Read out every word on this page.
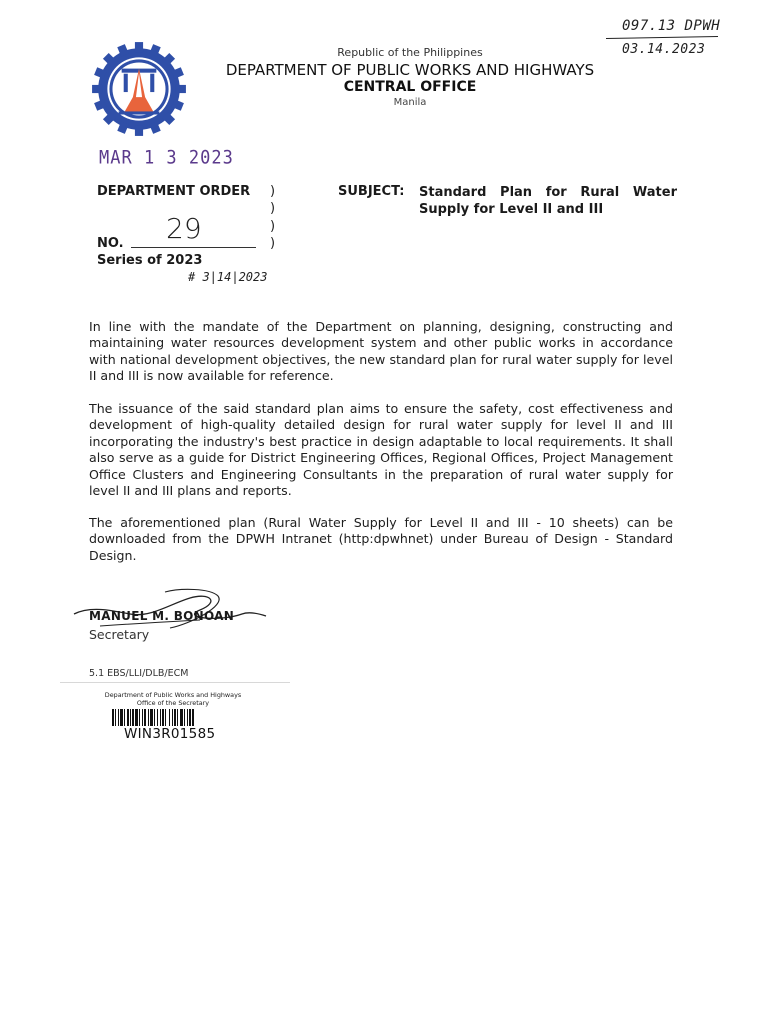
097.13 DPWH
03.14.2023
Republic of the Philippines
DEPARTMENT OF PUBLIC WORKS AND HIGHWAYS
CENTRAL OFFICE
Manila
MAR 1 3 2023
DEPARTMENT ORDER )
)
)
)
NO. 29
Series of 2023
# 3|14|2023
SUBJECT: Standard Plan for Rural Water Supply for Level II and III
In line with the mandate of the Department on planning, designing, constructing and maintaining water resources development system and other public works in accordance with national development objectives, the new standard plan for rural water supply for level II and III is now available for reference.
The issuance of the said standard plan aims to ensure the safety, cost effectiveness and development of high-quality detailed design for rural water supply for level II and III incorporating the industry's best practice in design adaptable to local requirements. It shall also serve as a guide for District Engineering Offices, Regional Offices, Project Management Office Clusters and Engineering Consultants in the preparation of rural water supply for level II and III plans and reports.
The aforementioned plan (Rural Water Supply for Level II and III - 10 sheets) can be downloaded from the DPWH Intranet (http:dpwhnet) under Bureau of Design - Standard Design.
MANUEL M. BONOAN
Secretary
5.1 EBS/LLI/DLB/ECM
Department of Public Works and Highways
Office of the Secretary
WIN3R01585
